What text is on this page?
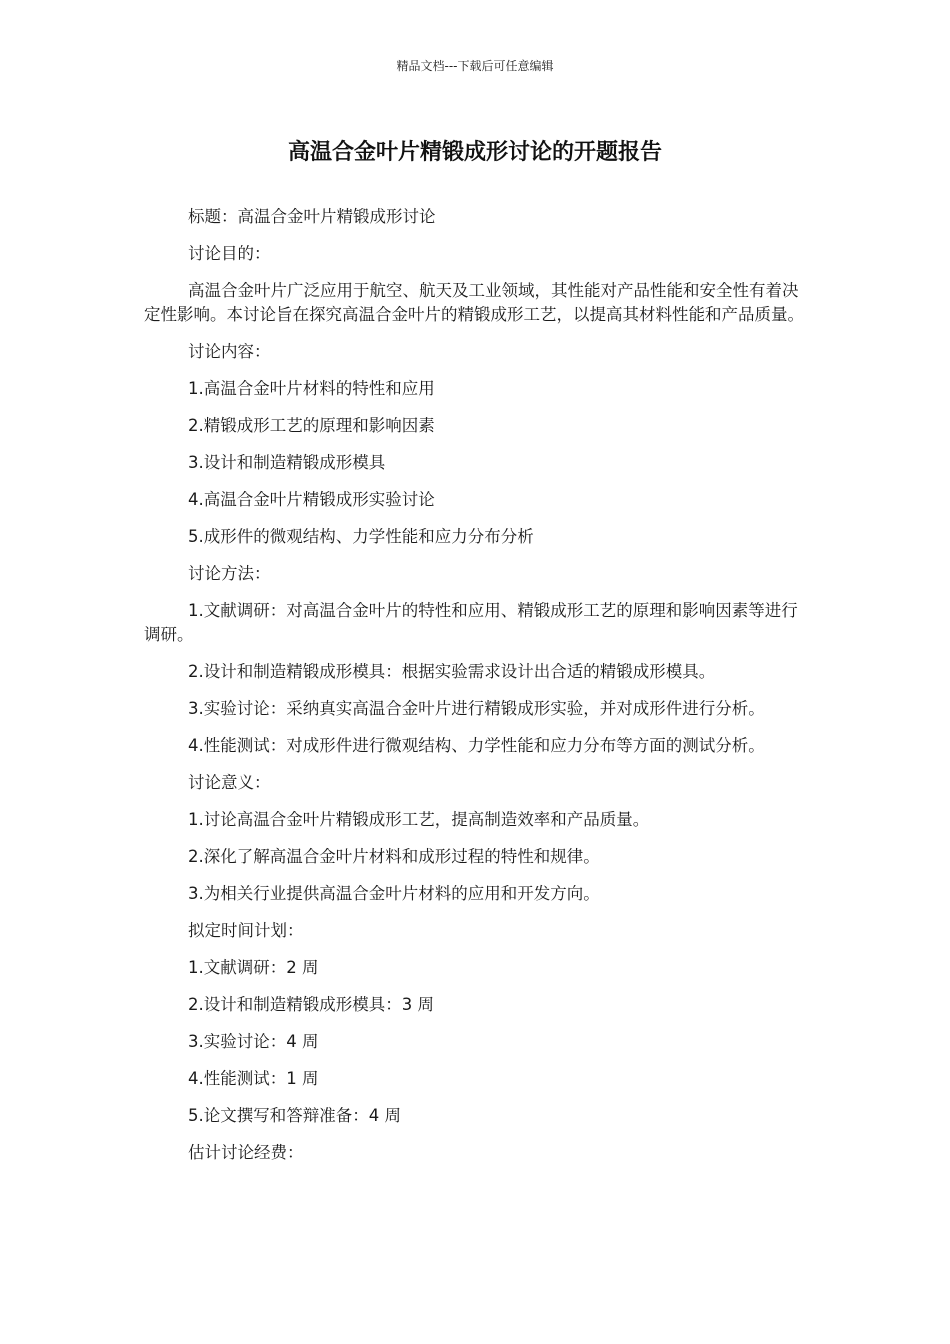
精品文档---下载后可任意编辑
高温合金叶片精锻成形讨论的开题报告

标题：高温合金叶片精锻成形讨论

讨论目的：

高温合金叶片广泛应用于航空、航天及工业领域，其性能对产品性能和安全性有着决定性影响。本讨论旨在探究高温合金叶片的精锻成形工艺，以提高其材料性能和产品质量。

讨论内容：

1.高温合金叶片材料的特性和应用

2.精锻成形工艺的原理和影响因素

3.设计和制造精锻成形模具

4.高温合金叶片精锻成形实验讨论

5.成形件的微观结构、力学性能和应力分布分析

讨论方法：

1.文献调研：对高温合金叶片的特性和应用、精锻成形工艺的原理和影响因素等进行调研。

2.设计和制造精锻成形模具：根据实验需求设计出合适的精锻成形模具。

3.实验讨论：采纳真实高温合金叶片进行精锻成形实验，并对成形件进行分析。

4.性能测试：对成形件进行微观结构、力学性能和应力分布等方面的测试分析。

讨论意义：

1.讨论高温合金叶片精锻成形工艺，提高制造效率和产品质量。

2.深化了解高温合金叶片材料和成形过程的特性和规律。

3.为相关行业提供高温合金叶片材料的应用和开发方向。

拟定时间计划：

1.文献调研：2 周

2.设计和制造精锻成形模具：3 周

3.实验讨论：4 周

4.性能测试：1 周

5.论文撰写和答辩准备：4 周

估计讨论经费：
